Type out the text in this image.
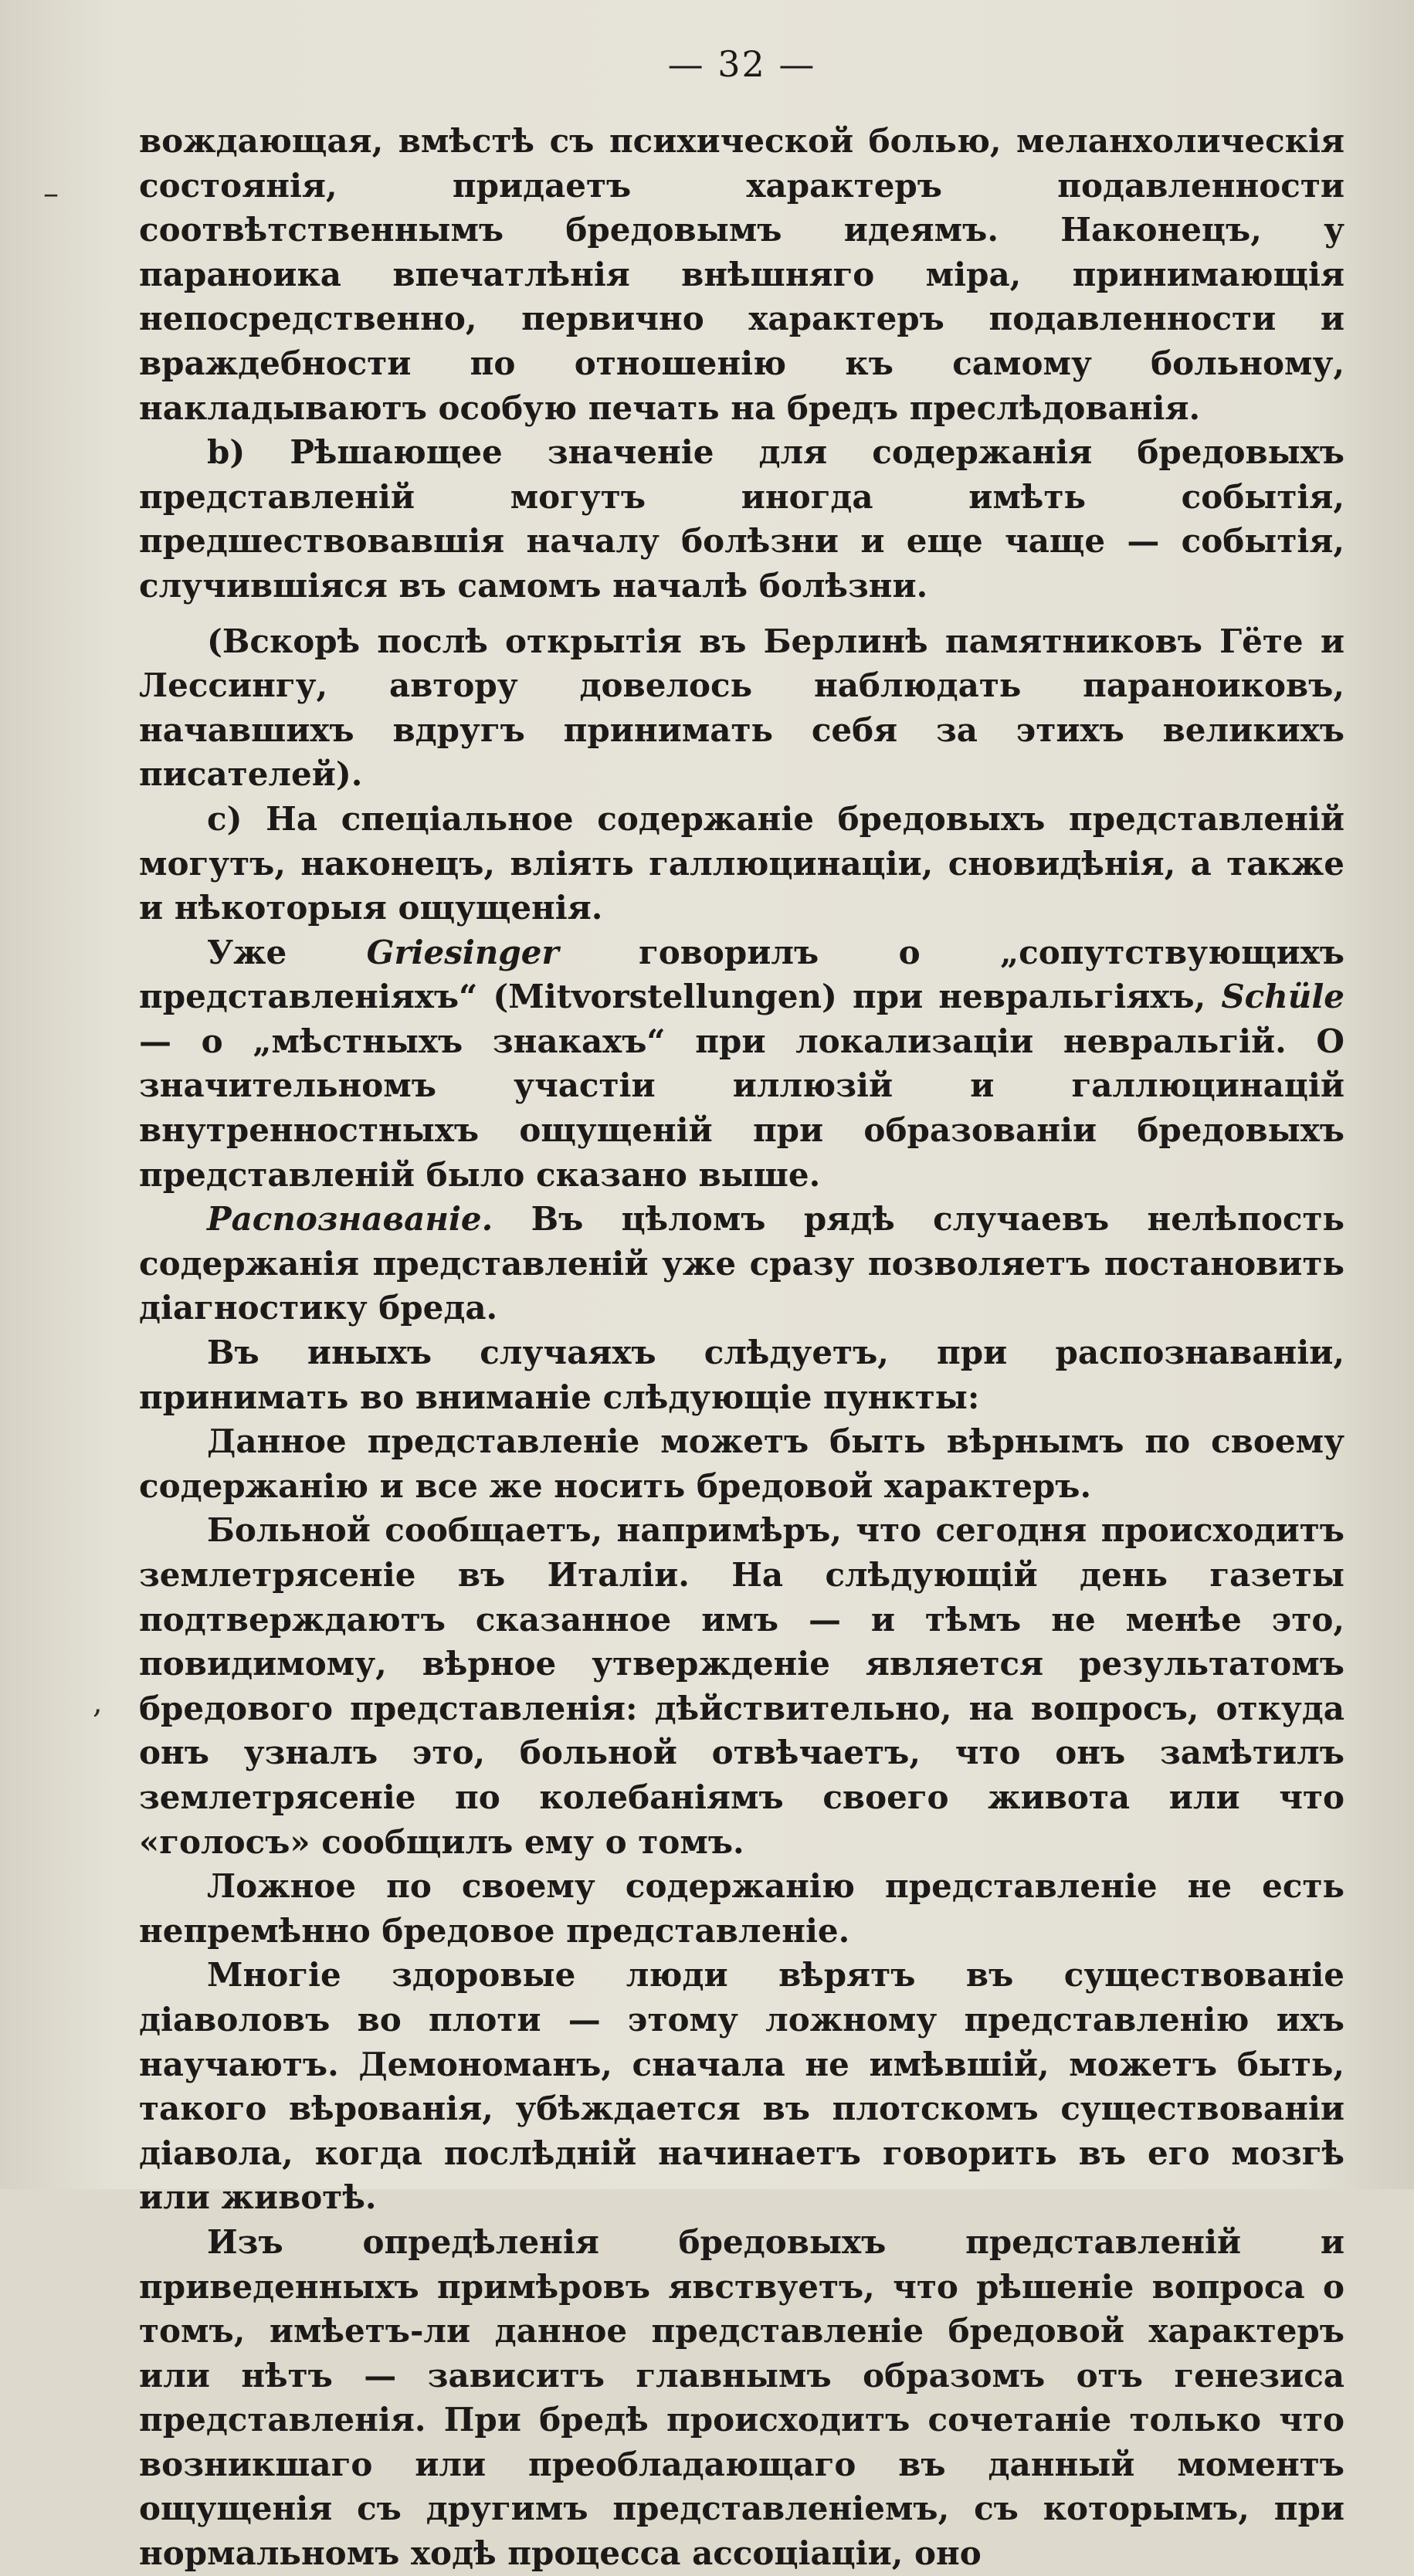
— 32 —

вождающая, вмѣстѣ съ психической болью, меланхолическія состоянія, придаетъ характеръ подавленности соотвѣтственнымъ бредовымъ идеямъ. Наконецъ, у параноика впечатлѣнія внѣшняго міра, принимающія непосредственно, первично характеръ подавленности и враждебности по отношенію къ самому больному, накладываютъ особую печать на бредъ преслѣдованія.

b) Рѣшающее значеніе для содержанія бредовыхъ представленій могутъ иногда имѣть событія, предшествовавшія началу болѣзни и еще чаще — событія, случившіяся въ самомъ началѣ болѣзни.

(Вскорѣ послѣ открытія въ Берлинѣ памятниковъ Гёте и Лессингу, автору довелось наблюдать параноиковъ, начавшихъ вдругъ принимать себя за этихъ великихъ писателей).

c) На спеціальное содержаніе бредовыхъ представленій могутъ, наконецъ, вліять галлюцинаціи, сновидѣнія, а также и нѣкоторыя ощущенія.

Уже Griesinger говорилъ о „сопутствующихъ представленіяхъ“ (Mitvorstellungen) при невральгіяхъ, Schüle — о „мѣстныхъ знакахъ“ при локализаціи невральгій. О значительномъ участіи иллюзій и галлюцинацій внутренностныхъ ощущеній при образованіи бредовыхъ представленій было сказано выше.

Распознаваніе. Въ цѣломъ рядѣ случаевъ нелѣпость содержанія представленій уже сразу позволяетъ постановить діагностику бреда.

Въ иныхъ случаяхъ слѣдуетъ, при распознаваніи, принимать во вниманіе слѣдующіе пункты:

Данное представленіе можетъ быть вѣрнымъ по своему содержанію и все же носить бредовой характеръ.

Больной сообщаетъ, напримѣръ, что сегодня происходитъ землетрясеніе въ Италіи. На слѣдующій день газеты подтверждаютъ сказанное имъ — и тѣмъ не менѣе это, повидимому, вѣрное утвержденіе является результатомъ бредового представленія: дѣйствительно, на вопросъ, откуда онъ узналъ это, больной отвѣчаетъ, что онъ замѣтилъ землетрясеніе по колебаніямъ своего живота или что «голосъ» сообщилъ ему о томъ.

Ложное по своему содержанію представленіе не есть непремѣнно бредовое представленіе.

Многіе здоровые люди вѣрятъ въ существованіе діаволовъ во плоти — этому ложному представленію ихъ научаютъ. Демономанъ, сначала не имѣвшій, можетъ быть, такого вѣрованія, убѣждается въ плотскомъ существованіи діавола, когда послѣдній начинаетъ говорить въ его мозгѣ или животѣ.

Изъ опредѣленія бредовыхъ представленій и приведенныхъ примѣровъ явствуетъ, что рѣшеніе вопроса о томъ, имѣетъ-ли данное представленіе бредовой характеръ или нѣтъ — зависитъ главнымъ образомъ отъ генезиса представленія. При бредѣ происходитъ сочетаніе только что возникшаго или преобладающаго въ данный моментъ ощущенія съ другимъ представленіемъ, съ которымъ, при нормальномъ ходѣ процесса ассоціаціи, оно

–
,
